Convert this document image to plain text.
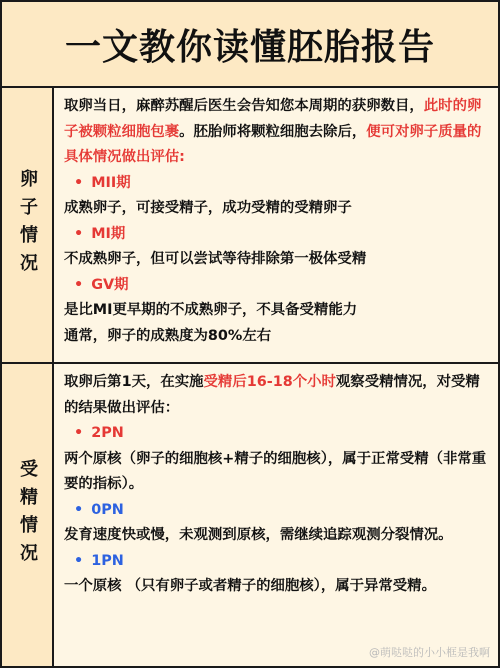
一文教你读懂胚胎报告
卵子情况

取卵当日，麻醉苏醒后医生会告知您本周期的获卵数目，此时的卵子被颗粒细胞包裹。胚胎师将颗粒细胞去除后，便可对卵子质量的具体情况做出评估:

• MII期

成熟卵子，可接受精子，成功受精的受精卵子

• MI期

不成熟卵子，但可以尝试等待排除第一极体受精

• GV期

是比MI更早期的不成熟卵子，不具备受精能力

通常，卵子的成熟度为80%左右

受精情况

取卵后第1天，在实施受精后16-18个小时观察受精情况，对受精的结果做出评估：

• 2PN

两个原核（卵子的细胞核+精子的细胞核），属于正常受精（非常重要的指标）。

• 0PN

发育速度快或慢，未观测到原核，需继续追踪观测分裂情况。

• 1PN

一个原核 （只有卵子或者精子的细胞核），属于异常受精。

@萌哒哒的小小框是我啊
